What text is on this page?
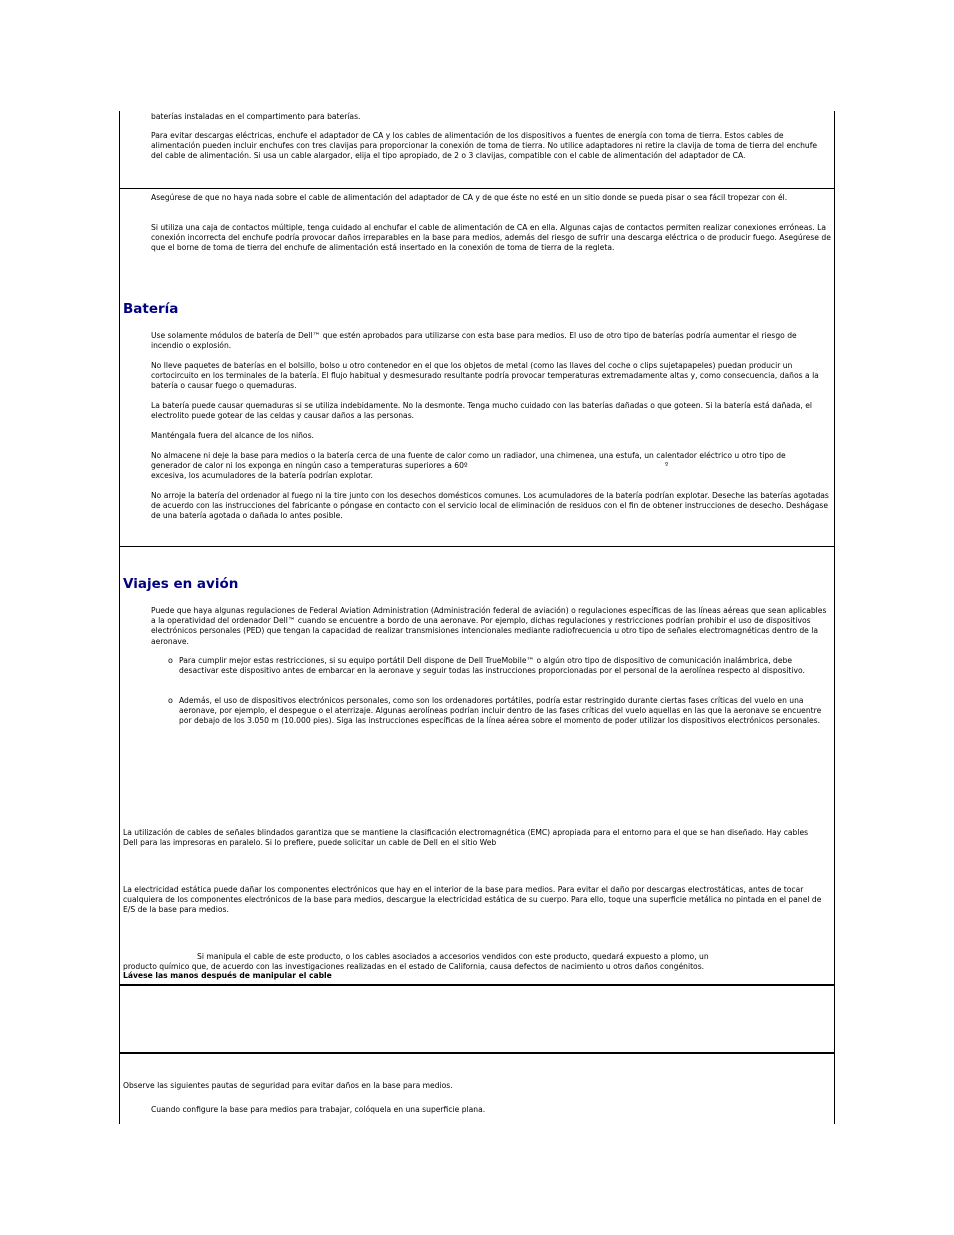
baterías instaladas en el compartimento para baterías.

Para evitar descargas eléctricas, enchufe el adaptador de CA y los cables de alimentación de los dispositivos a fuentes de energía con toma de tierra. Estos cables de alimentación pueden incluir enchufes con tres clavijas para proporcionar la conexión de toma de tierra. No utilice adaptadores ni retire la clavija de toma de tierra del enchufe del cable de alimentación. Si usa un cable alargador, elija el tipo apropiado, de 2 o 3 clavijas, compatible con el cable de alimentación del adaptador de CA.

Asegúrese de que no haya nada sobre el cable de alimentación del adaptador de CA y de que éste no esté en un sitio donde se pueda pisar o sea fácil tropezar con él.

Si utiliza una caja de contactos múltiple, tenga cuidado al enchufar el cable de alimentación de CA en ella. Algunas cajas de contactos permiten realizar conexiones erróneas. La conexión incorrecta del enchufe podría provocar daños irreparables en la base para medios, además del riesgo de sufrir una descarga eléctrica o de producir fuego. Asegúrese de que el borne de toma de tierra del enchufe de alimentación está insertado en la conexión de toma de tierra de la regleta.

Batería

Use solamente módulos de batería de Dell™ que estén aprobados para utilizarse con esta base para medios. El uso de otro tipo de baterías podría aumentar el riesgo de incendio o explosión.

No lleve paquetes de baterías en el bolsillo, bolso u otro contenedor en el que los objetos de metal (como las llaves del coche o clips sujetapapeles) puedan producir un cortocircuito en los terminales de la batería. El flujo habitual y desmesurado resultante podría provocar temperaturas extremadamente altas y, como consecuencia, daños a la batería o causar fuego o quemaduras.

La batería puede causar quemaduras si se utiliza indebidamente. No la desmonte. Tenga mucho cuidado con las baterías dañadas o que goteen. Si la batería está dañada, el electrolito puede gotear de las celdas y causar daños a las personas.

Manténgala fuera del alcance de los niños.

No almacene ni deje la base para medios o la batería cerca de una fuente de calor como un radiador, una chimenea, una estufa, un calentador eléctrico u otro tipo de generador de calor ni los exponga en ningún caso a temperaturas superiores a 60º	º

excesiva, los acumuladores de la batería podrían explotar.

No arroje la batería del ordenador al fuego ni la tire junto con los desechos domésticos comunes. Los acumuladores de la batería podrían explotar. Deseche las baterías agotadas de acuerdo con las instrucciones del fabricante o póngase en contacto con el servicio local de eliminación de residuos con el fin de obtener instrucciones de desecho. Deshágase de una batería agotada o dañada lo antes posible.

Viajes en avión

Puede que haya algunas regulaciones de Federal Aviation Administration (Administración federal de aviación) o regulaciones específicas de las líneas aéreas que sean aplicables a la operatividad del ordenador Dell™ cuando se encuentre a bordo de una aeronave. Por ejemplo, dichas regulaciones y restricciones podrían prohibir el uso de dispositivos electrónicos personales (PED) que tengan la capacidad de realizar transmisiones intencionales mediante radiofrecuencia u otro tipo de señales electromagnéticas dentro de la aeronave.

o Para cumplir mejor estas restricciones, si su equipo portátil Dell dispone de Dell TrueMobile™ o algún otro tipo de dispositivo de comunicación inalámbrica, debe desactivar este dispositivo antes de embarcar en la aeronave y seguir todas las instrucciones proporcionadas por el personal de la aerolínea respecto al dispositivo.

o Además, el uso de dispositivos electrónicos personales, como son los ordenadores portátiles, podría estar restringido durante ciertas fases críticas del vuelo en una aeronave, por ejemplo, el despegue o el aterrizaje. Algunas aerolíneas podrían incluir dentro de las fases críticas del vuelo aquellas en las que la aeronave se encuentre por debajo de los 3.050 m (10.000 pies). Siga las instrucciones específicas de la línea aérea sobre el momento de poder utilizar los dispositivos electrónicos personales.

La utilización de cables de señales blindados garantiza que se mantiene la clasificación electromagnética (EMC) apropiada para el entorno para el que se han diseñado. Hay cables Dell para las impresoras en paralelo. Si lo prefiere, puede solicitar un cable de Dell en el sitio Web

La electricidad estática puede dañar los componentes electrónicos que hay en el interior de la base para medios. Para evitar el daño por descargas electrostáticas, antes de tocar cualquiera de los componentes electrónicos de la base para medios, descargue la electricidad estática de su cuerpo. Para ello, toque una superficie metálica no pintada en el panel de E/S de la base para medios.

Si manipula el cable de este producto, o los cables asociados a accesorios vendidos con este producto, quedará expuesto a plomo, un

producto químico que, de acuerdo con las investigaciones realizadas en el estado de California, causa defectos de nacimiento u otros daños congénitos.

Lávese las manos después de manipular el cable

Observe las siguientes pautas de seguridad para evitar daños en la base para medios.

Cuando configure la base para medios para trabajar, colóquela en una superficie plana.
